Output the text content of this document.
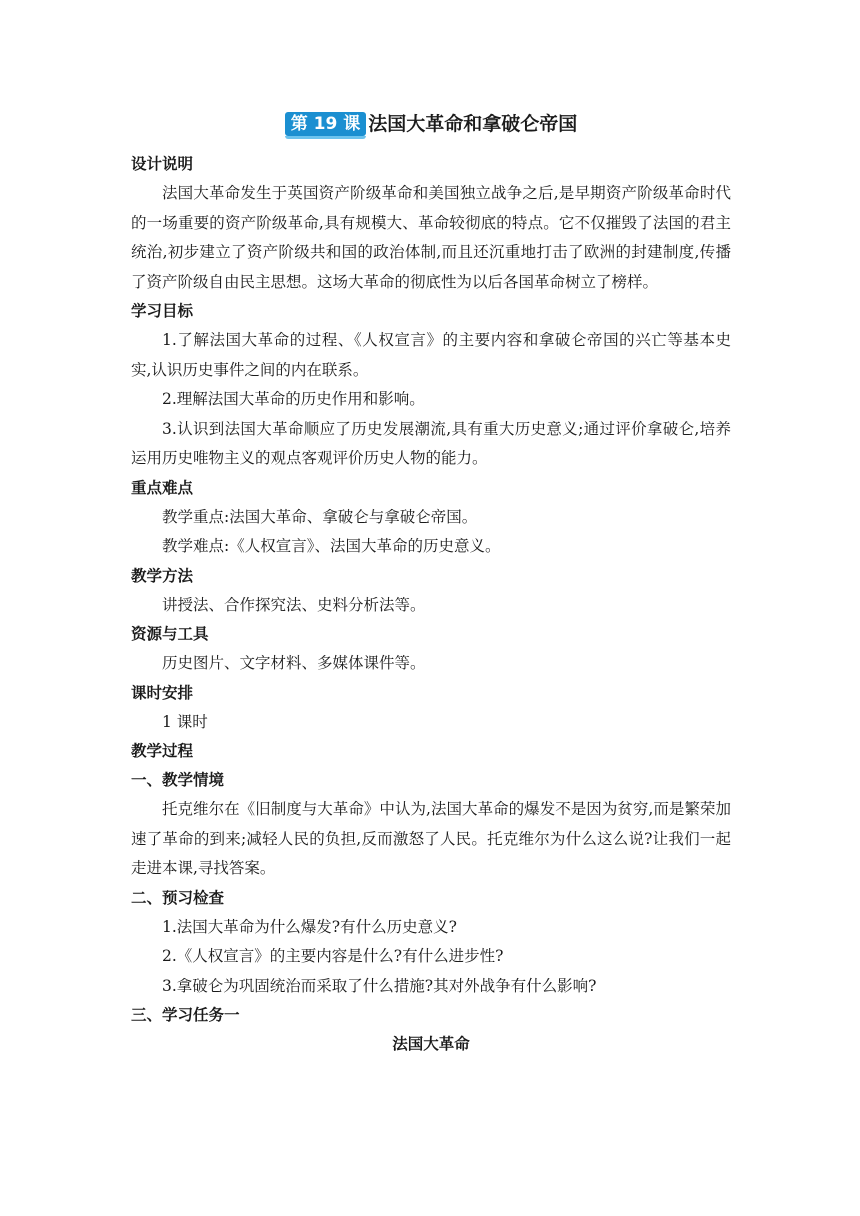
第 19 课 法国大革命和拿破仑帝国
设计说明

法国大革命发生于英国资产阶级革命和美国独立战争之后,是早期资产阶级革命时代的一场重要的资产阶级革命,具有规模大、革命较彻底的特点。它不仅摧毁了法国的君主统治,初步建立了资产阶级共和国的政治体制,而且还沉重地打击了欧洲的封建制度,传播了资产阶级自由民主思想。这场大革命的彻底性为以后各国革命树立了榜样。

学习目标

1.了解法国大革命的过程、《人权宣言》的主要内容和拿破仑帝国的兴亡等基本史实,认识历史事件之间的内在联系。

2.理解法国大革命的历史作用和影响。

3.认识到法国大革命顺应了历史发展潮流,具有重大历史意义;通过评价拿破仑,培养运用历史唯物主义的观点客观评价历史人物的能力。

重点难点

教学重点:法国大革命、拿破仑与拿破仑帝国。

教学难点:《人权宣言》、法国大革命的历史意义。

教学方法

讲授法、合作探究法、史料分析法等。

资源与工具

历史图片、文字材料、多媒体课件等。

课时安排

1 课时

教学过程
一、教学情境

托克维尔在《旧制度与大革命》中认为,法国大革命的爆发不是因为贫穷,而是繁荣加速了革命的到来;减轻人民的负担,反而激怒了人民。托克维尔为什么这么说?让我们一起走进本课,寻找答案。

二、预习检查

1.法国大革命为什么爆发?有什么历史意义?

2.《人权宣言》的主要内容是什么?有什么进步性?

3.拿破仑为巩固统治而采取了什么措施?其对外战争有什么影响?

三、学习任务一
法国大革命
